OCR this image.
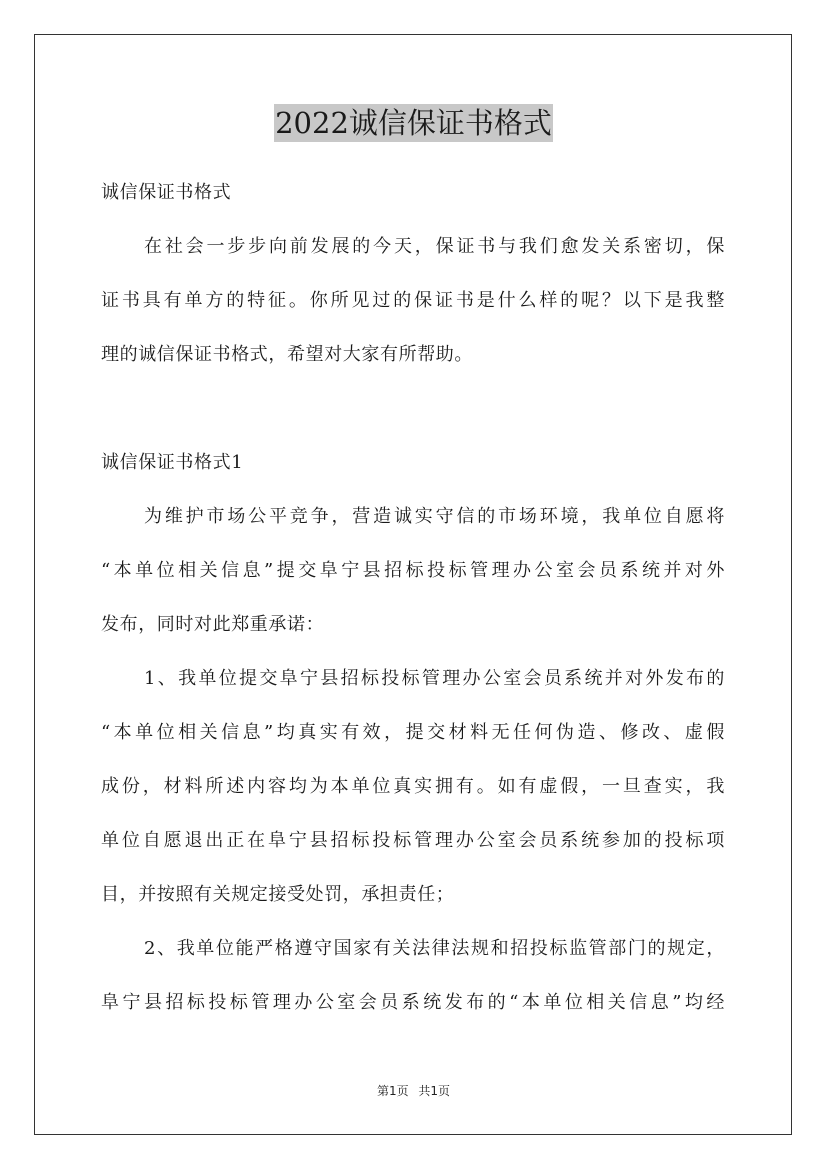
2022诚信保证书格式
诚信保证书格式
在社会一步步向前发展的今天，保证书与我们愈发关系密切，保
证书具有单方的特征。你所见过的保证书是什么样的呢？以下是我整
理的诚信保证书格式，希望对大家有所帮助。
诚信保证书格式1
为维护市场公平竞争，营造诚实守信的市场环境，我单位自愿将
“本单位相关信息”提交阜宁县招标投标管理办公室会员系统并对外
发布，同时对此郑重承诺：
1、我单位提交阜宁县招标投标管理办公室会员系统并对外发布的
“本单位相关信息”均真实有效，提交材料无任何伪造、修改、虚假
成份，材料所述内容均为本单位真实拥有。如有虚假，一旦查实，我
单位自愿退出正在阜宁县招标投标管理办公室会员系统参加的投标项
目，并按照有关规定接受处罚，承担责任；
2、我单位能严格遵守国家有关法律法规和招投标监管部门的规定，
阜宁县招标投标管理办公室会员系统发布的“本单位相关信息”均经
第1页 共1页
